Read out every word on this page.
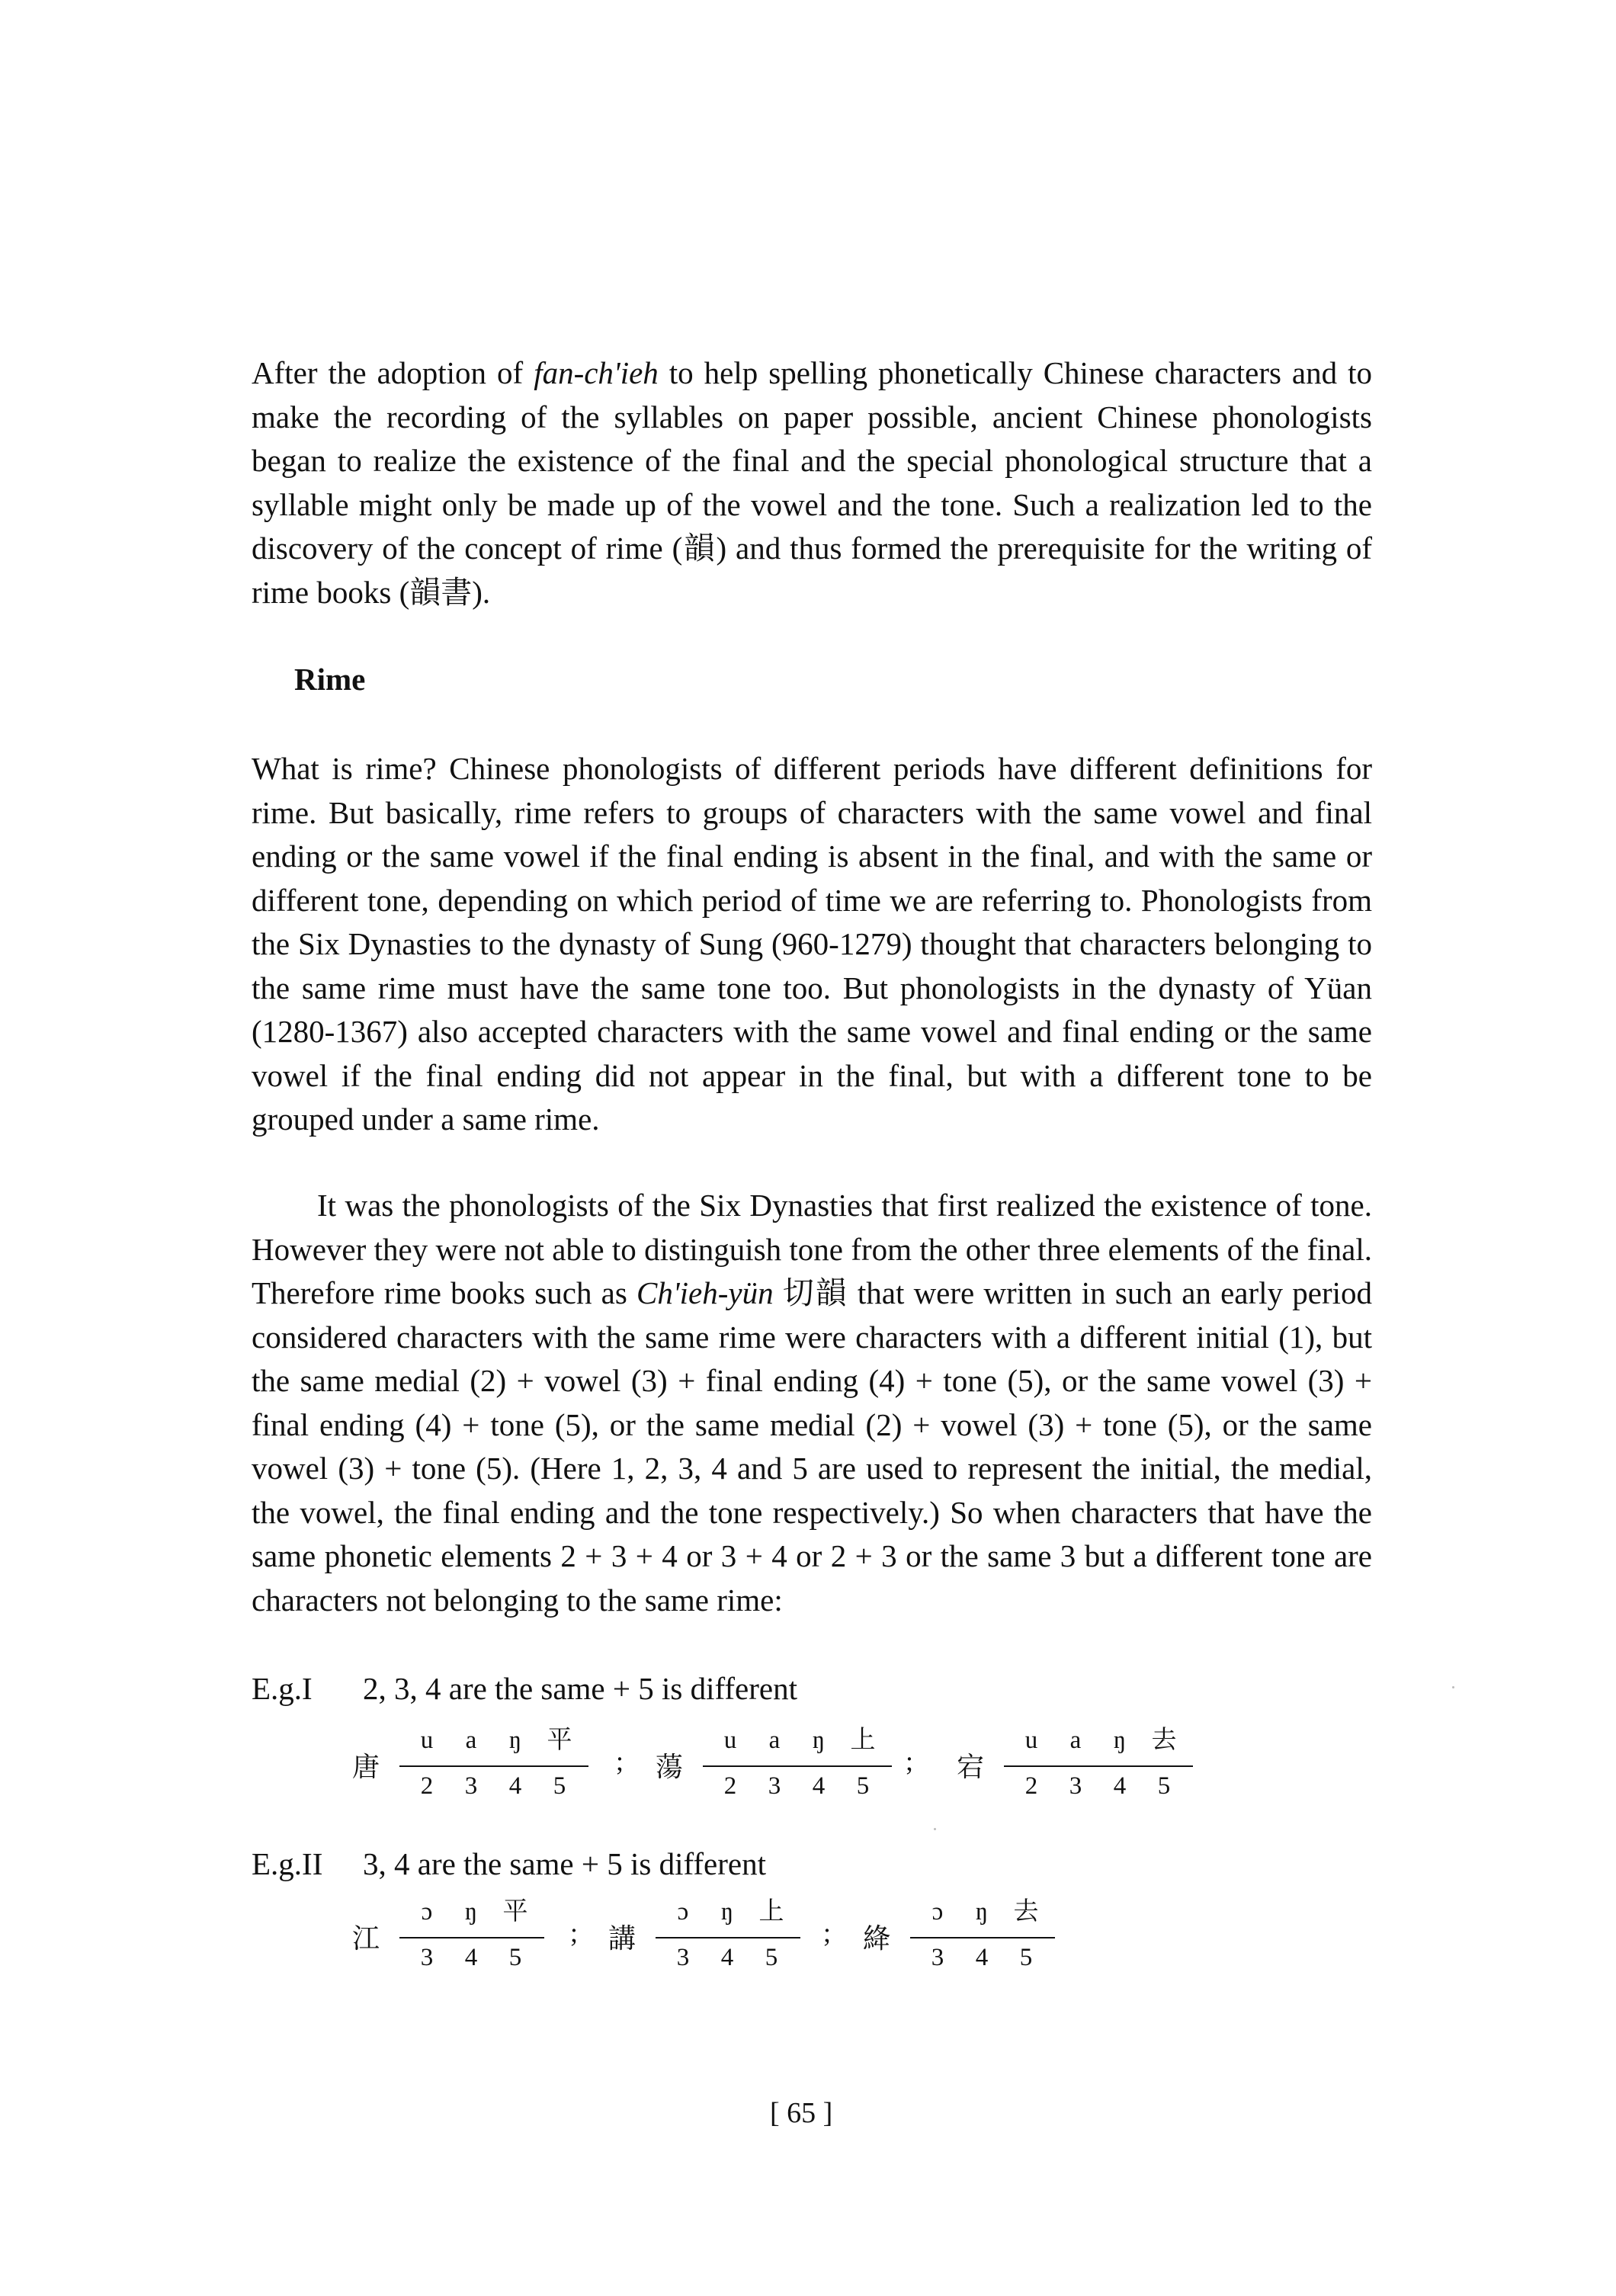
After the adoption of fan-ch'ieh to help spelling phonetically Chinese characters and to make the recording of the syllables on paper possible, ancient Chinese phonologists began to realize the existence of the final and the special phonological structure that a syllable might only be made up of the vowel and the tone. Such a realization led to the discovery of the concept of rime (韻) and thus formed the prerequisite for the writing of rime books (韻書).

Rime

What is rime? Chinese phonologists of different periods have different definitions for rime. But basically, rime refers to groups of characters with the same vowel and final ending or the same vowel if the final ending is absent in the final, and with the same or different tone, depending on which period of time we are referring to. Phonologists from the Six Dynasties to the dynasty of Sung (960-1279) thought that characters belonging to the same rime must have the same tone too. But phonologists in the dynasty of Yüan (1280-1367) also accepted characters with the same vowel and final ending or the same vowel if the final ending did not appear in the final, but with a different tone to be grouped under a same rime.

It was the phonologists of the Six Dynasties that first realized the existence of tone. However they were not able to distinguish tone from the other three elements of the final. Therefore rime books such as Ch'ieh-yün 切韻 that were written in such an early period considered characters with the same rime were characters with a different initial (1), but the same medial (2) + vowel (3) + final ending (4) + tone (5), or the same vowel (3) + final ending (4) + tone (5), or the same medial (2) + vowel (3) + tone (5), or the same vowel (3) + tone (5). (Here 1, 2, 3, 4 and 5 are used to represent the initial, the medial, the vowel, the final ending and the tone respectively.) So when characters that have the same phonetic elements 2 + 3 + 4 or 3 + 4 or 2 + 3 or the same 3 but a different tone are characters not belonging to the same rime:

E.g.I 2, 3, 4 are the same + 5 is different
唐
u	a	ŋ	平
2	3	4	5
; 蕩
u	a	ŋ	上
2	3	4	5
; 宕
u	a	ŋ	去
2	3	4	5
E.g.II 3, 4 are the same + 5 is different
江
ɔ	ŋ	平
3	4	5
; 講
ɔ	ŋ	上
3	4	5
; 絳
ɔ	ŋ	去
3	4	5
[ 65 ]
